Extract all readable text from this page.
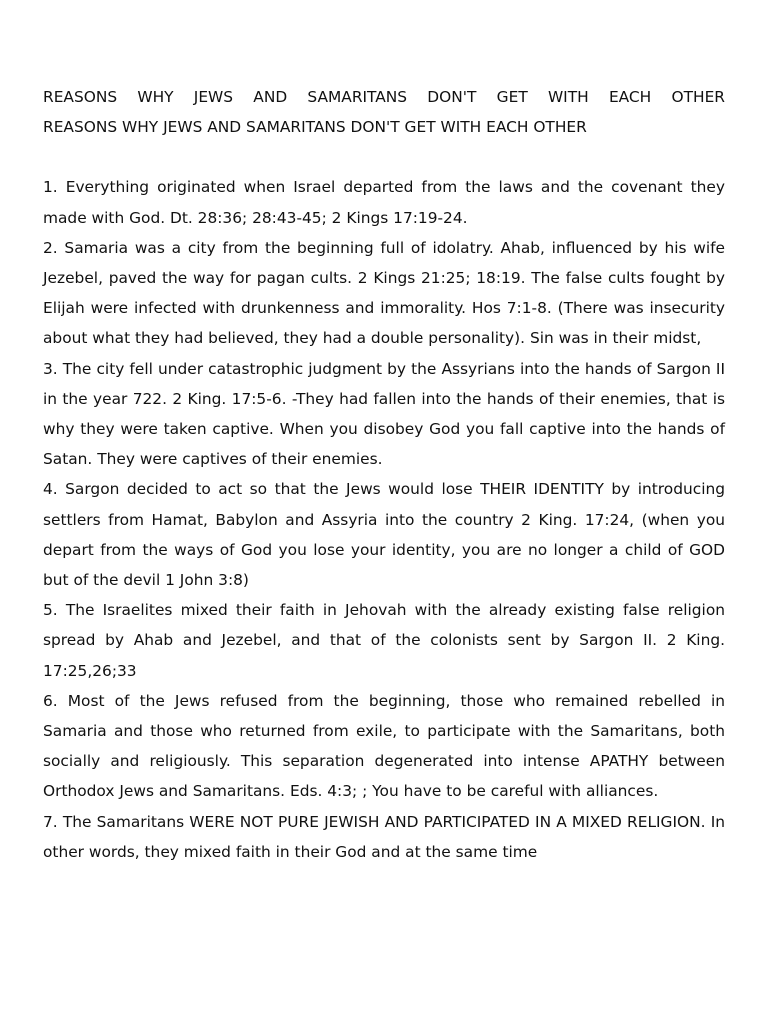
REASONS WHY JEWS AND SAMARITANS DON'T GET WITH EACH OTHER

REASONS WHY JEWS AND SAMARITANS DON'T GET WITH EACH OTHER

1. Everything originated when Israel departed from the laws and the covenant they made with God. Dt. 28:36; 28:43-45; 2 Kings 17:19-24.

2. Samaria was a city from the beginning full of idolatry. Ahab, influenced by his wife Jezebel, paved the way for pagan cults. 2 Kings 21:25; 18:19. The false cults fought by Elijah were infected with drunkenness and immorality. Hos 7:1-8. (There was insecurity about what they had believed, they had a double personality). Sin was in their midst,

3. The city fell under catastrophic judgment by the Assyrians into the hands of Sargon II in the year 722. 2 King. 17:5-6. -They had fallen into the hands of their enemies, that is why they were taken captive. When you disobey God you fall captive into the hands of Satan. They were captives of their enemies.

4. Sargon decided to act so that the Jews would lose THEIR IDENTITY by introducing settlers from Hamat, Babylon and Assyria into the country 2 King. 17:24, (when you depart from the ways of God you lose your identity, you are no longer a child of GOD but of the devil 1 John 3:8)

5. The Israelites mixed their faith in Jehovah with the already existing false religion spread by Ahab and Jezebel, and that of the colonists sent by Sargon II. 2 King. 17:25,26;33

6. Most of the Jews refused from the beginning, those who remained rebelled in Samaria and those who returned from exile, to participate with the Samaritans, both socially and religiously. This separation degenerated into intense APATHY between Orthodox Jews and Samaritans. Eds. 4:3; ; You have to be careful with alliances.

7. The Samaritans WERE NOT PURE JEWISH AND PARTICIPATED IN A MIXED RELIGION. In other words, they mixed faith in their God and at the same time
